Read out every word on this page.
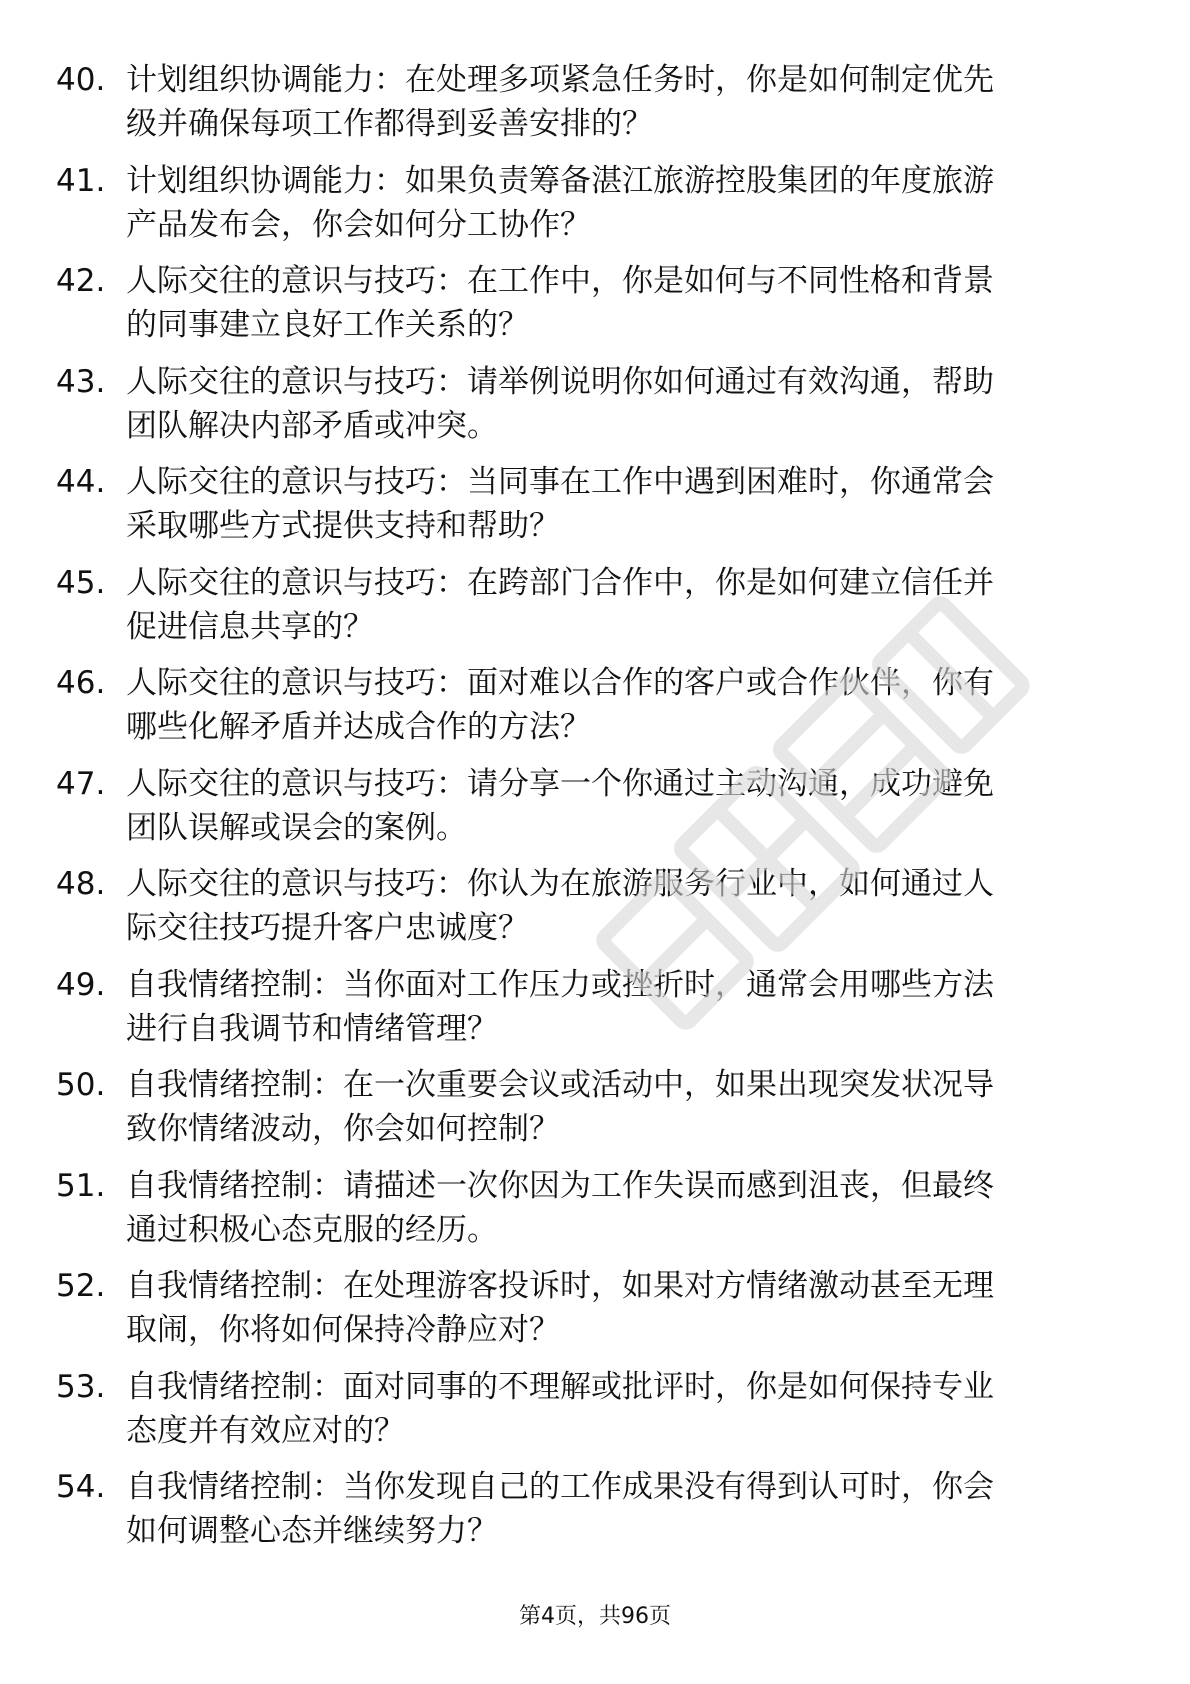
40. 计划组织协调能力：在处理多项紧急任务时，你是如何制定优先
级并确保每项工作都得到妥善安排的？
41. 计划组织协调能力：如果负责筹备湛江旅游控股集团的年度旅游
产品发布会，你会如何分工协作？
42. 人际交往的意识与技巧：在工作中，你是如何与不同性格和背景
的同事建立良好工作关系的？
43. 人际交往的意识与技巧：请举例说明你如何通过有效沟通，帮助
团队解决内部矛盾或冲突。
44. 人际交往的意识与技巧：当同事在工作中遇到困难时，你通常会
采取哪些方式提供支持和帮助？
45. 人际交往的意识与技巧：在跨部门合作中，你是如何建立信任并
促进信息共享的？
46. 人际交往的意识与技巧：面对难以合作的客户或合作伙伴，你有
哪些化解矛盾并达成合作的方法？
47. 人际交往的意识与技巧：请分享一个你通过主动沟通，成功避免
团队误解或误会的案例。
48. 人际交往的意识与技巧：你认为在旅游服务行业中，如何通过人
际交往技巧提升客户忠诚度？
49. 自我情绪控制：当你面对工作压力或挫折时，通常会用哪些方法
进行自我调节和情绪管理？
50. 自我情绪控制：在一次重要会议或活动中，如果出现突发状况导
致你情绪波动，你会如何控制？
51. 自我情绪控制：请描述一次你因为工作失误而感到沮丧，但最终
通过积极心态克服的经历。
52. 自我情绪控制：在处理游客投诉时，如果对方情绪激动甚至无理
取闹，你将如何保持冷静应对？
53. 自我情绪控制：面对同事的不理解或批评时，你是如何保持专业
态度并有效应对的？
54. 自我情绪控制：当你发现自己的工作成果没有得到认可时，你会
如何调整心态并继续努力？
第4页，共96页
